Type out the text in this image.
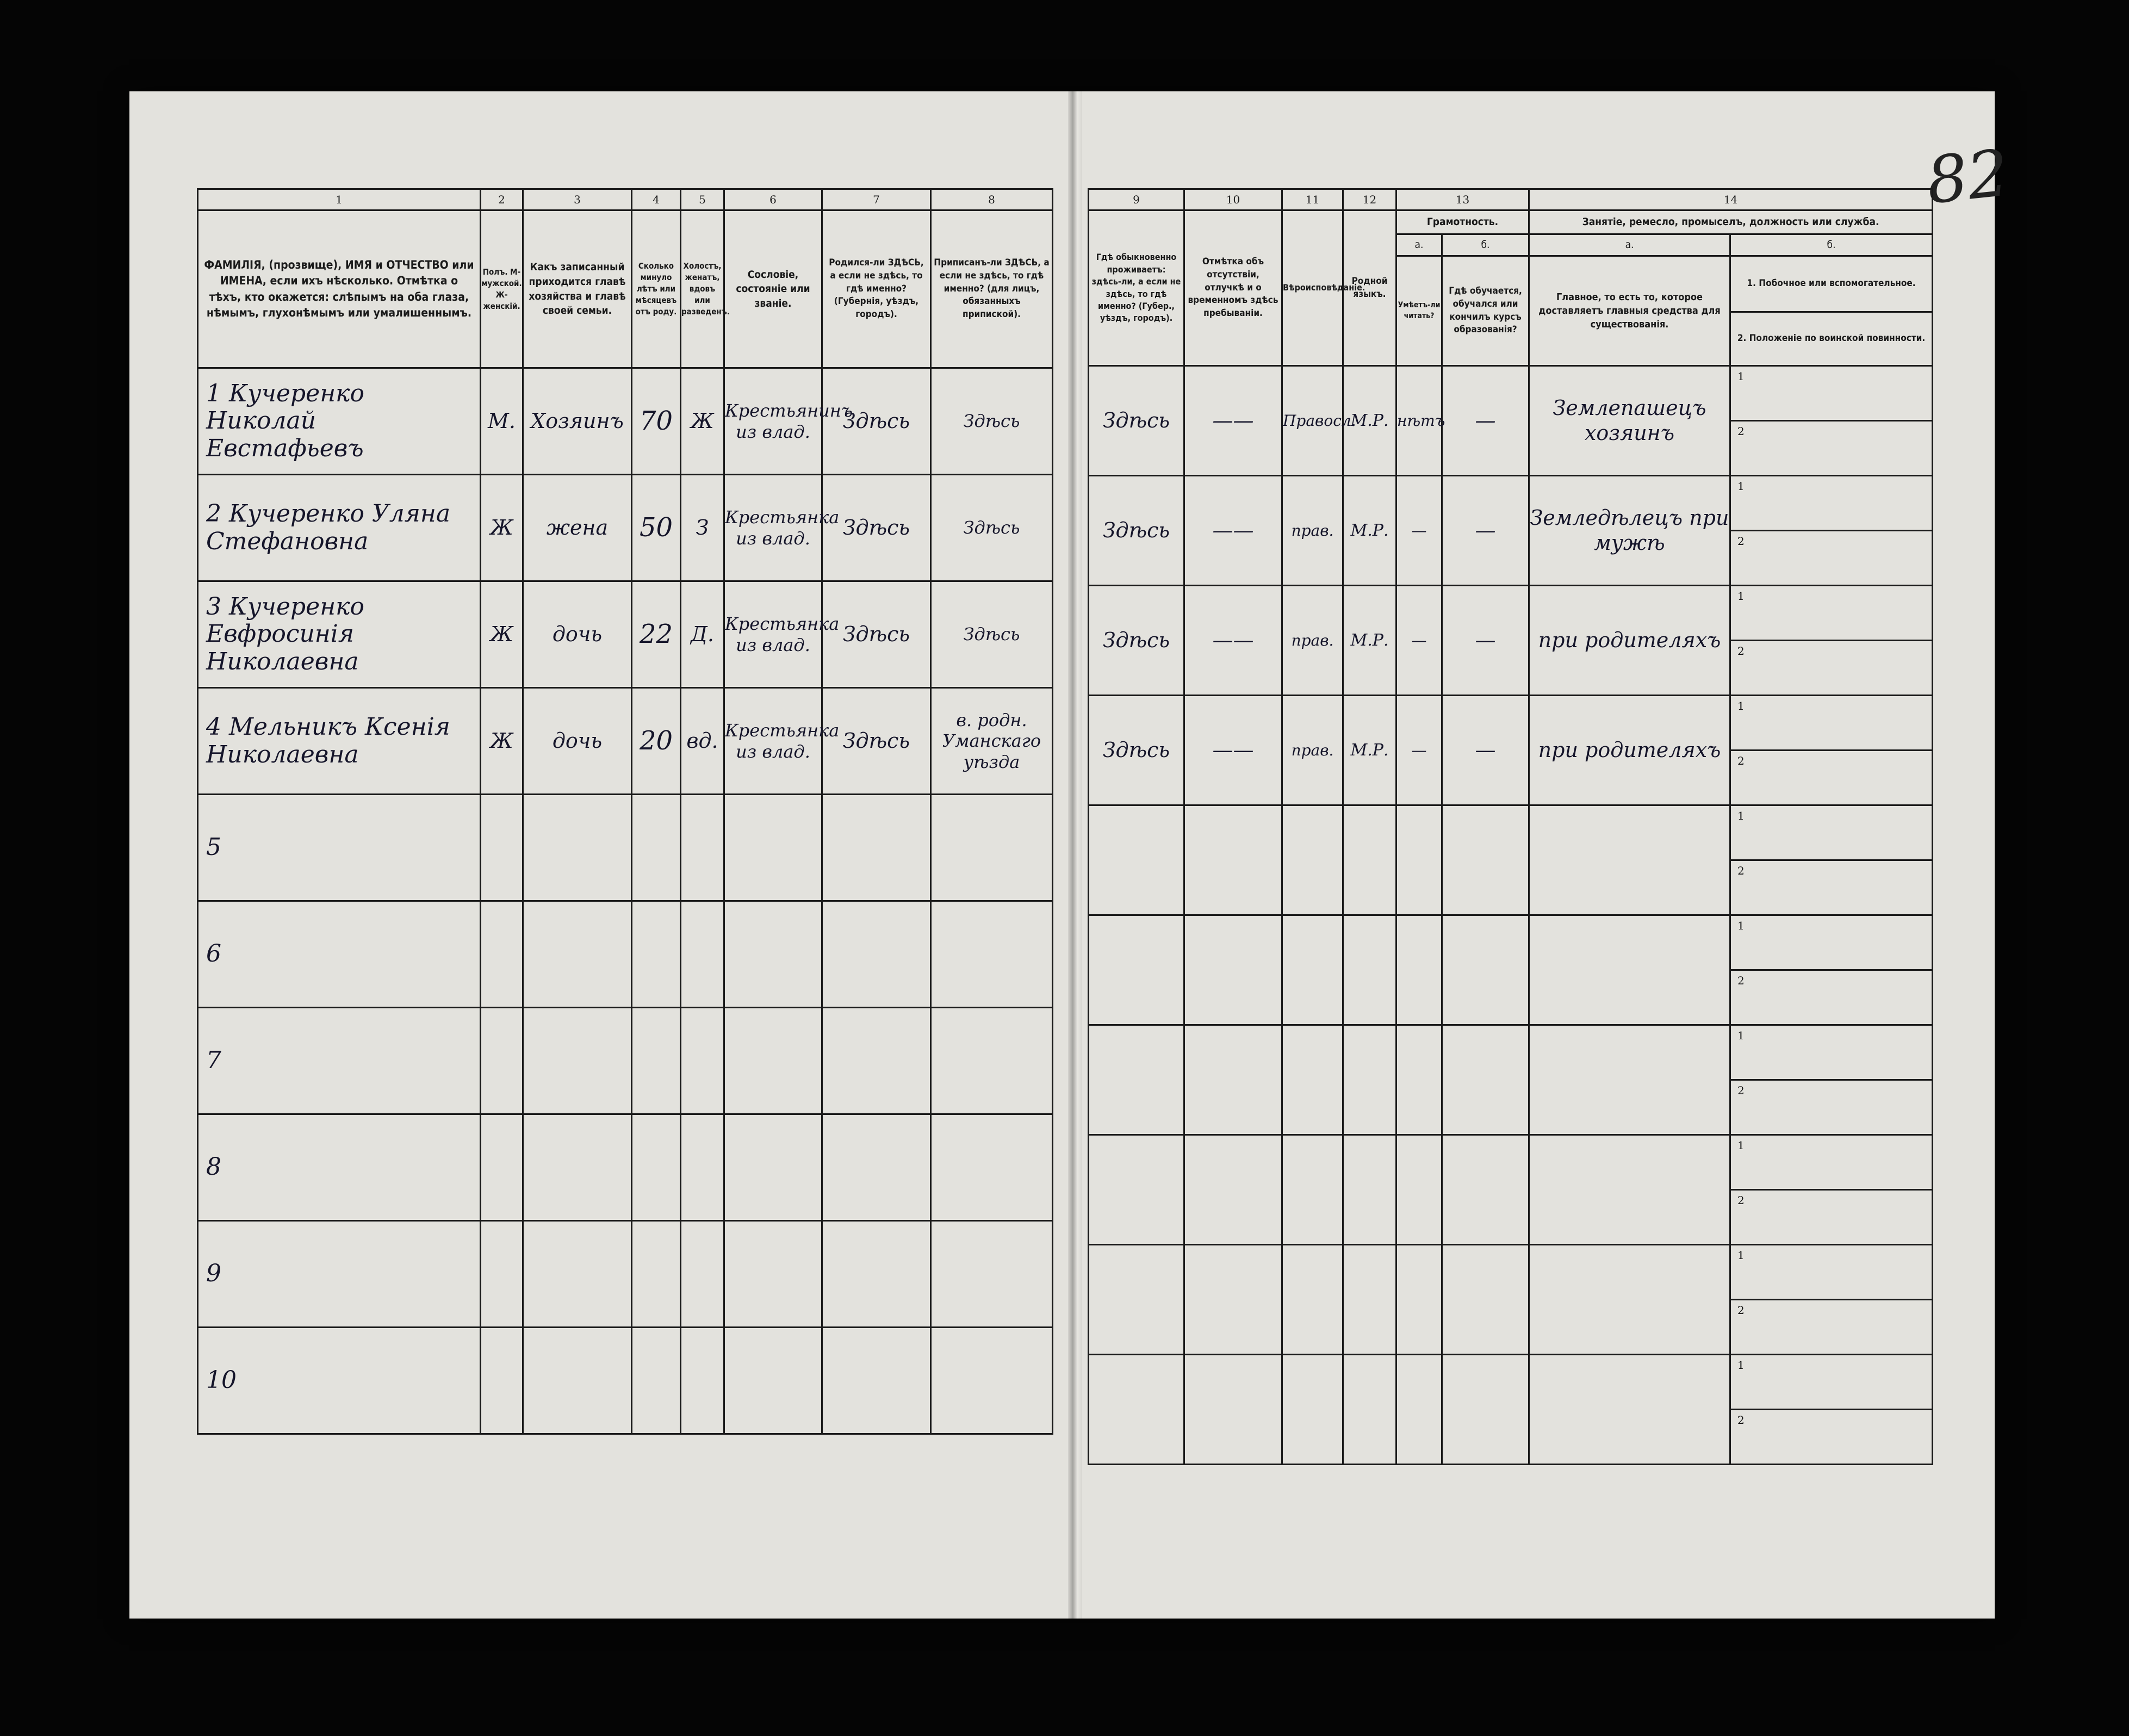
82
1	2	3	4	5	6	7	8
ФАМИЛІЯ, (прозвище), ИМЯ и ОТЧЕСТВО или ИМЕНА, если ихъ нѣсколько. Отмѣтка о тѣхъ, кто окажется: слѣпымъ на оба глаза, нѣмымъ, глухонѣмымъ или умалишеннымъ.	Полъ. М-мужской. Ж-женскій.	Какъ записанный приходится главѣ хозяйства и главѣ своей семьи.	Сколько минуло лѣтъ или мѣсяцевъ отъ роду.	Холостъ, женатъ, вдовъ или разведенъ.	Сословіе, состояніе или званіе.	Родился-ли ЗДѢСЬ, а если не здѣсь, то гдѣ именно? (Губернія, уѣздъ, городъ).	Приписанъ-ли ЗДѢСЬ, а если не здѣсь, то гдѣ именно? (для лицъ, обязанныхъ припиской).
1 Кучеренко Николай Евстафьевъ	М.	Хозяинъ	70	Ж	Крестьянинъ из влад.	Здѣсь	Здѣсь
2 Кучеренко Уляна Стефановна	Ж	жена	50	З	Крестьянка из влад.	Здѣсь	Здѣсь
3 Кучеренко Евфросинія Николаевна	Ж	дочь	22	Д.	Крестьянка из влад.	Здѣсь	Здѣсь
4 Мельникъ Ксенія Николаевна	Ж	дочь	20	вд.	Крестьянка из влад.	Здѣсь	в. родн. Уманскаго уѣзда
5							
6							
7							
8							
9							
10							
9	10	11	12	13		14	
Гдѣ обыкновенно проживаетъ: здѣсь-ли, а если не здѣсь, то гдѣ именно? (Губер., уѣздъ, городъ).	Отмѣтка объ отсутствіи, отлучкѣ и о временномъ здѣсь пребываніи.	Вѣроисповѣданіе.	Родной языкъ.	Грамотность.		Занятіе, ремесло, промыселъ, должность или служба.	
				а.	б.	а.	б.
				Умѣетъ-ли читать?	Гдѣ обучается, обучался или кончилъ курсъ образованія?	Главное, то есть то, которое доставляетъ главныя средства для существованія.	1. Побочное или вспомогательное.
2. Положеніе по воинской повинности.

Здѣсь	——	Правосл.	М.Р.	нѣтъ	—	Землепашецъ хозяинъ	1
2

Здѣсь	——	прав.	М.Р.	—	—	Земледѣлецъ при мужѣ	1
2

Здѣсь	——	прав.	М.Р.	—	—	при родителяхъ	1
2

Здѣсь	——	прав.	М.Р.	—	—	при родителяхъ	1
2

							1
2

							1
2

							1
2

							1
2

							1
2

							1
2
